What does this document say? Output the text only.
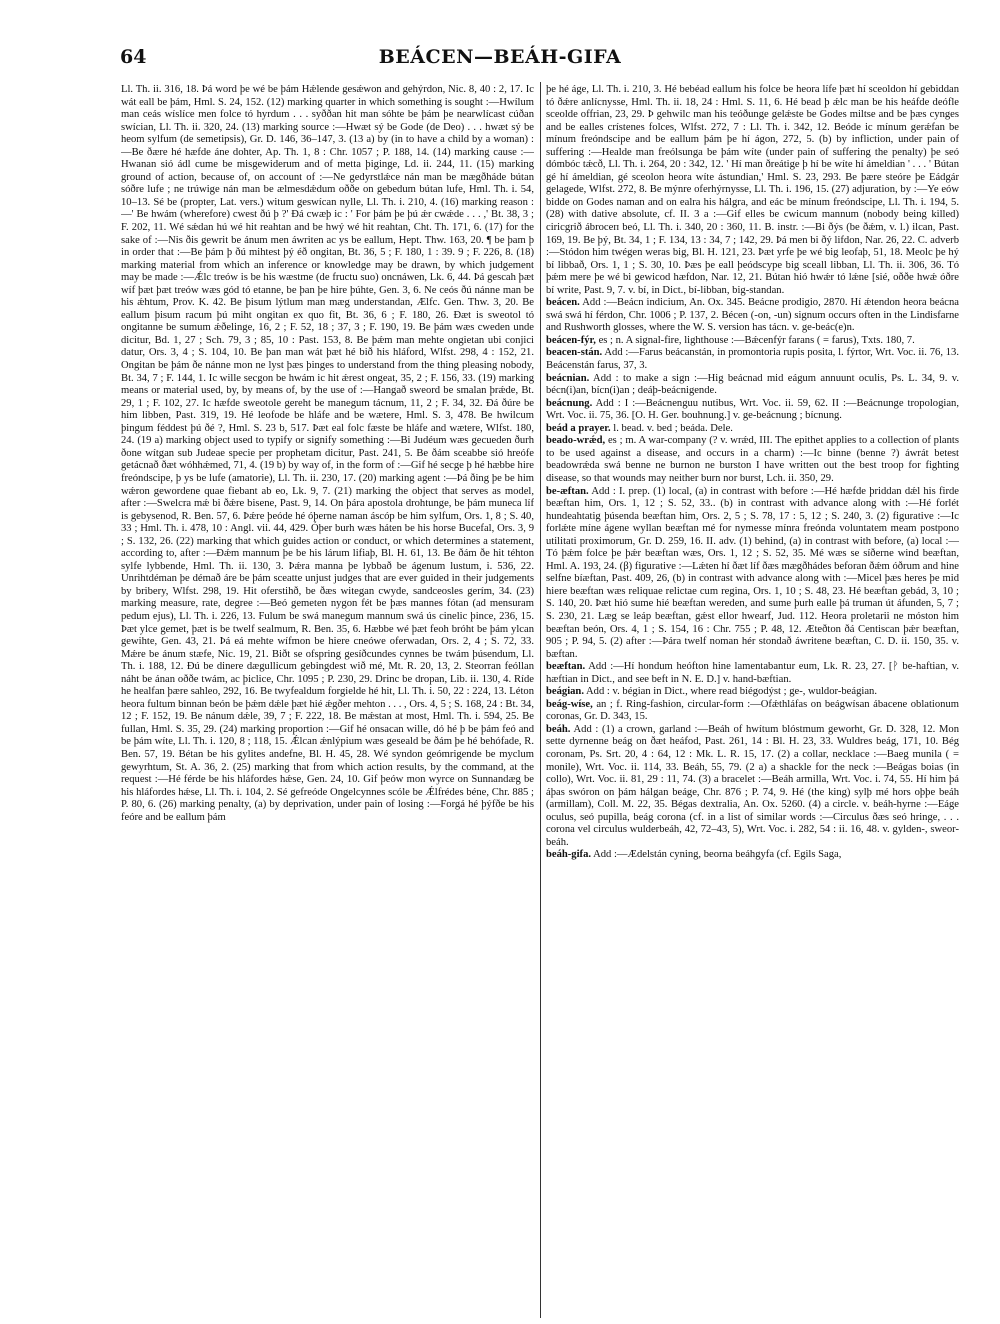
64	BEÁCEN—BEÁH-GIFA

Ll. Th. ii. 316, 18. Þá word þe wé be þám Hǽlende gesǽwon and gehýrdon, Nic. 8, 40 : 2, 17. Ic wát eall be þám, Hml. S. 24, 152. (12) marking quarter in which something is sought :—Hwílum man ceás wíslíce men folce tó hyrdum . . . syððan hit man sóhte be þám þe nearwlícast cúðan swícian, Ll. Th. ii. 320, 24. (13) marking source :—Hwæt sý be Gode (de Deo) . . . hwæt sý be heom sylfum (de semetipsis), Gr. D. 146, 36–147, 3. (13 a) by (in to have a child by a woman) :—Be ðære hé hæfde áne dohter, Ap. Th. 1, 8 : Chr. 1057 ; P. 188, 14. (14) marking cause :—Hwanan sió ádl cume be misgewiderum and of metta þigingе, Ld. ii. 244, 11. (15) marking ground of action, because of, on account of :—Ne gedyrstlǽce nán man be mægðháde bútan sóðre lufe ; ne trúwige nán man be ælmesdǽdum oððe on gebedum bútan lufe, Hml. Th. i. 54, 10–13. Sé be (propter, Lat. vers.) witum geswícan nylle, Ll. Th. i. 210, 4. (16) marking reason :—' Be hwám (wherefore) cwest ðú þ ?' Ðá cwæþ ic : ' For þám þe þú ǽr cwǽde . . . ,' Bt. 38, 3 ; F. 202, 11. Wé sǽdan hú wé hit reahtan and be hwý wé hit reahtan, Cht. Th. 171, 6. (17) for the sake of :—Nis ðis gewrit be ánum men áwriten ac ys be eallum, Hept. Thw. 163, 20. ¶ be þam þ in order that :—Be þám þ ðú mihtest þý éð ongitan, Bt. 36, 5 ; F. 180, 1 : 39. 9 ; F. 226, 8. (18) marking material from which an inference or knowledge may be drawn, by which judgement may be made :—Ǽlc treów is be his wæstme (de fructu suo) oncnáwen, Lk. 6, 44. Þá gescah þæt wíf þæt þæt treów wæs gód tó etanne, be þan þe hire þúhte, Gen. 3, 6. Ne ceós ðú nánne man be his ǽhtum, Prov. K. 42. Be þisum lýtlum man mæg understandan, Ælfc. Gen. Thw. 3, 20. Be eallum þisum racum þú miht ongitan ex quo fit, Bt. 36, 6 ; F. 180, 26. Ðæt is sweotol tó ongitanne be sumum ǽðelinge, 16, 2 ; F. 52, 18 ; 37, 3 ; F. 190, 19. Be þám wæs cweden unde dicitur, Bd. 1, 27 ; Sch. 79, 3 ; 85, 10 : Past. 153, 8. Be þǽm man mehte ongietan ubi conjici datur, Ors. 3, 4 ; S. 104, 10. Be þan man wát þæt hé bið his hláford, Wlfst. 298, 4 : 152, 21. Ongitan be þám ðe nánne mon ne lyst þæs þinges to understand from the thing pleasing nobody, Bt. 34, 7 ; F. 144, 1. Ic wille secgon be hwám ic hit ǽrest ongeat, 35, 2 ; F. 156, 33. (19) marking means or material used, by, by means of, by the use of :—Hangað sweord be smalan þrǽde, Bt. 29, 1 ; F. 102, 27. Ic hæfde sweotole gereht be manegum tácnum, 11, 2 ; F. 34, 32. Ðá ðúre be him libben, Past. 319, 19. Hé leofode be hláfe and be wætere, Hml. S. 3, 478. Be hwilcum þingum féddest þú ðé ?, Hml. S. 23 b, 517. Þæt eal folc fæste be hláfe and wætere, Wlfst. 180, 24. (19 a) marking object used to typify or signify something :—Bi Judéum wæs gecueden ðurh ðone wítgan sub Judeae specie per prophetam dicitur, Past. 241, 5. Be ðám sceabbe sió hreófe getácnað ðæt wóhhǽmed, 71, 4. (19 b) by way of, in the form of :—Gif hé secge þ hé hæbbe hire freóndscipe, þ ys be lufe (amatorie), Ll. Th. ii. 230, 17. (20) marking agent :—Þá ðing þe be him wǽron gewordene quae fiebant ab eo, Lk. 9, 7. (21) marking the object that serves as model, after :—Swelcra mǽ bi ðǽre bisene, Past. 9, 14. On þára apostola drohtunge, be þám muneca líf is gebysenod, R. Ben. 57, 6. Þǽre þeóde hé óþerne naman áscóp be him sylfum, Ors. 1, 8 ; S. 40, 33 ; Hml. Th. i. 478, 10 : Angl. vii. 44, 429. Óþer burh wæs háten be his horse Bucefal, Ors. 3, 9 ; S. 132, 26. (22) marking that which guides action or conduct, or which determines a statement, according to, after :—Ðǽm mannum þe be his lárum lifiaþ, Bl. H. 61, 13. Be ðám ðe hit téhton sylfe lybbende, Hml. Th. ii. 130, 3. Þǽra manna þe lybbað be ágenum lustum, i. 536, 22. Unrihtdéman þe démað áre be þám sceatte unjust judges that are ever guided in their judgements by bribery, Wlfst. 298, 19. Hit oferstihð, be ðæs witegan cwyde, sandceosles gerím, 34. (23) marking measure, rate, degree :—Beó gemeten nygon fét be þæs mannes fótan (ad mensuram pedum ejus), Ll. Th. i. 226, 13. Fulum be swá manegum mannum swá ús cinelic þince, 236, 15. Þæt ylce gemet, þæt is be twelf sealmum, R. Ben. 35, 6. Hæbbe wé þæt feoh bróht be þám ylcan gewihte, Gen. 43, 21. Þá eá mehte wífmon be hiere cneówe oferwadan, Ors. 2, 4 ; S. 72, 33. Mǽre be ánum stæfe, Nic. 19, 21. Biðt se ofspring gesíðcundes cynnes be twám þúsendum, Ll. Th. i. 188, 12. Ðú be dinere dægullicum gebingdest wið mé, Mt. R. 20, 13, 2. Steorran feóllan náht be ánan oððe twám, ac þicliсe, Chr. 1095 ; P. 230, 29. Drinc be dropan, Lib. ii. 130, 4. Ríde he healfan þære sahlеo, 292, 16. Be twyfealdum forgielde hé hit, Ll. Th. i. 50, 22 : 224, 13. Létоn heora fultum binnan beón be þǽm dǽle þæt hié ǽgðer mehton . . . , Ors. 4, 5 ; S. 168, 24 : Bt. 34, 12 ; F. 152, 19. Be nánum dǽle, 39, 7 ; F. 222, 18. Be mǽstan at most, Hml. Th. i. 594, 25. Be fullan, Hml. S. 35, 29. (24) marking proportion :—Gif hé onsacan wille, dó hé þ be þám feó and be þám wíte, Ll. Th. i. 120, 8 ; 118, 15. Ǽlcan ǽnlýpium wæs geseald be ðám þe hé behófade, R. Ben. 57, 19. Bétan be his gylites andefne, Bl. H. 45, 28. Wé syndon geómrigende be myclum gewyrhtum, St. A. 36, 2. (25) marking that from which action results, by the command, at the request :—Hé férde be his hláfordes hǽse, Gen. 24, 10. Gif þeów mon wyrce on Sunnandæg be his hláfordes hǽse, Ll. Th. i. 104, 2. Sé gefreóde Ongelcynnes scóle be Ǽlfrédes béne, Chr. 885 ; P. 80, 6. (26) marking penalty, (a) by deprivation, under pain of losing :—Forgá hé þýfðe be his feóre and be eallum þám

þe hé áge, Ll. Th. i. 210, 3. Hé bebéad eallum his folce be heora lífe þæt hí sceoldon hí gebiddan tó ðǽre anlícnysse, Hml. Th. ii. 18, 24 : Hml. S. 11, 6. Hé bead þ ǽlc man be his heáfde deófle sceolde offrian, 23, 29. Þ gehwilc man his teóðunge gelǽste be Godes miltse and be þæs cynges and be ealles crístenes folces, Wlfst. 272, 7 : Ll. Th. i. 342, 12. Beóde ic mínum gerǽfan be mínum freóndscipe and be eallum þám þe hí ágon, 272, 5. (b) by infliction, under pain of suffering :—Healde man freólsunga be þám wíte (under pain of suffering the penalty) þe seó dómbóc tǽcð, Ll. Th. i. 264, 20 : 342, 12. ' Hí man ðreátige þ hí be wíte hí ámeldian ' . . . ' Bútan gé hí ámeldian, gé sceolon heora wíte ástundian,' Hml. S. 23, 293. Be þære steóre þe Eádgár gelagede, Wlfst. 272, 8. Be mýnre oferhýrnysse, Ll. Th. i. 196, 15. (27) adjuration, by :—Ye eów bidde on Godes naman and on ealra his hálgra, and eác be mínum freóndscipe, Ll. Th. i. 194, 5. (28) with dative absolute, cf. II. 3 a :—Gif elles be cwicum mannum (nobody being killed) ciricgrið ábroceп beó, Ll. Th. i. 340, 20 : 360, 11. B. instr. :—Bi ðýs (be ðǽm, v. l.) ilcan, Past. 169, 19. Be þý, Bt. 34, 1 ; F. 134, 13 : 34, 7 ; 142, 29. Þá men bi ðý lifdon, Nar. 26, 22. C. adverb :—Stódon him twégen weras big, Bl. H. 121, 23. Þæt yrfe þe wé big leofaþ, 51, 18. Meolc þe hý bí libbað, Ors. 1, 1 ; S. 30, 10. Þæs þe eall þeódscype big sceall libban, Ll. Th. ii. 306, 36. Tó þǽm mere þe wé bi gewiсod hæfdon, Nar. 12, 21. Bútan hió hwǽr tó lǽne [sié, oððe hwǽ óðre bí write, Past. 9, 7. v. bí, in Dict., bí-libban, big-standan.

beácen. Add :—Beácn indicium, An. Ox. 345. Beácne prodigio, 2870. Hí ǽtendon heora beácna swá swá hí férdon, Chr. 1006 ; P. 137, 2. Bécen (-on, -un) signum occurs often in the Lindisfarne and Rushworth glosses, where the W. S. version has tácn. v. ge-beác(e)n.

beácen-fýr, es ; n. A signal-fire, lighthouse :—Bǽcenfýr farans ( = farus), Txts. 180, 7.

beacen-stán. Add :—Farus beácanstán, in promontoria rupis posita, l. fýrtor, Wrt. Voc. ii. 76, 13. Beácenstán farus, 37, 3.

beácnian. Add : to make a sign :—Hig beácnad mid eágum annuunt oculis, Ps. L. 34, 9. v. bécn(i)an, bícn(i)an ; deáþ-beácnigende.

beácnung. Add : I :—Beácnenguu nutibus, Wrt. Voc. ii. 59, 62. II :—Beácnunge tropologian, Wrt. Voc. ii. 75, 36. [O. H. Ger. bouhnung.] v. ge-beácnung ; bícnung.

beád a prayer. l. bead. v. bed ; beáda. Dele.

beado-wrǽd, es ; m. A war-company (? v. wrǽd, III. The epithet applies to a collection of plants to be used against a disease, and occurs in a charm) :—Ic binne (benne ?) áwrát betest beadowrǽda swá benne ne burnon ne burston I have written out the best troop for fighting disease, so that wounds may neither burn nor burst, Lch. ii. 350, 29.

be-æftan. Add : I. prep. (1) local, (a) in contrast with before :—Hé hæfde þriddan dǽl his firde beæftan him, Ors. 1, 12 ; S. 52, 33.. (b) in contrast with advance along with :—Hé forlét hundeahtatig þúsenda beæftan him, Ors. 2, 5 ; S. 78, 17 : 5, 12 ; S. 240, 3. (2) figurative :—Ic forlǽte míne ágene wyllan beæftan mé for nymesse mínra freónda voluntatem meam postpono utilitati proximorum, Gr. D. 259, 16. II. adv. (1) behind, (a) in contrast with before, (a) local :—Tó þǽm folce þe þǽr beæftan wæs, Ors. 1, 12 ; S. 52, 35. Mé wæs se síðerne wind beæftan, Hml. A. 193, 24. (β) figurative :—Lǽten hí ðæt líf ðæs mægðhádes beforan ðǽm óðrum and hine selfne bíæftan, Past. 409, 26, (b) in contrast with advance along with :—Micel þæs heres þe mid hiere beæftan wæs reliquae relictae cum regina, Ors. 1, 10 ; S. 48, 23. Hé beæftan gebád, 3, 10 ; S. 140, 20. Þæt hió sume hié beæftan wereden, and sume þurh ealle þá truman út áfunden, 5, 7 ; S. 230, 21. Læg se leáp beæftan, gǽst ellor hwearf, Jud. 112. Heora proletarii ne móston him beæftan beón, Ors. 4, 1 ; S. 154, 16 : Chr. 755 ; P. 48, 12. Æteðton ðá Centiscan þǽr beæftan, 905 ; P. 94, 5. (2) after :—Þára twelf noman hér stondað áwritene beæftan, C. D. ii. 150, 35. v. bæftan.

beæftan. Add :—Hí hondum heófton hine lamentabantur eum, Lk. R. 23, 27. [ᚹ be-haftian, v. hæftian in Dict., and see beft in N. E. D.] v. hand-bæftian.

beágian. Add : v. bégian in Dict., where read biégodýst ; ge-, wuldor-beágian.

beág-wíse, an ; f. Ring-fashion, circular-form :—Ofǽthláfas on beágwísan ábacene oblationum coronas, Gr. D. 343, 15.

beáh. Add : (1) a crown, garland :—Beáh of hwítum blóstmum geworht, Gr. D. 328, 12. Mon sette dyrnenne beág on ðæt heáfod, Past. 261, 14 : Bl. H. 23, 33. Wuldres beág, 171, 10. Bég coronam, Ps. Srt. 20, 4 : 64, 12 : Mk. L. R. 15, 17. (2) a collar, necklace :—Baeg munila ( = monile), Wrt. Voc. ii. 114, 33. Beáh, 55, 79. (2 a) a shackle for the neck :—Beágas boias (in collo), Wrt. Voc. ii. 81, 29 : 11, 74. (3) a bracelet :—Beáh armilla, Wrt. Voc. i. 74, 55. Hí him þá áþas swóron on þám hálgan beáge, Chr. 876 ; P. 74, 9. Hé (the king) sylþ mé hors oþþe beáh (armillam), Coll. M. 22, 35. Bégas dextralia, An. Ox. 5260. (4) a circle. v. beáh-hyrne :—Eáge oculus, seó pupilla, beág corona (cf. in a list of similar words :—Circulus ðæs seó hringe, . . . corona vel circulus wulderbeáh, 42, 72–43, 5), Wrt. Voc. i. 282, 54 : ii. 16, 48. v. gylden-, sweor-beáh.

beáh-gifa. Add :—Ædelstán cyning, beorna beáhgyfa (cf. Egils Saga,
